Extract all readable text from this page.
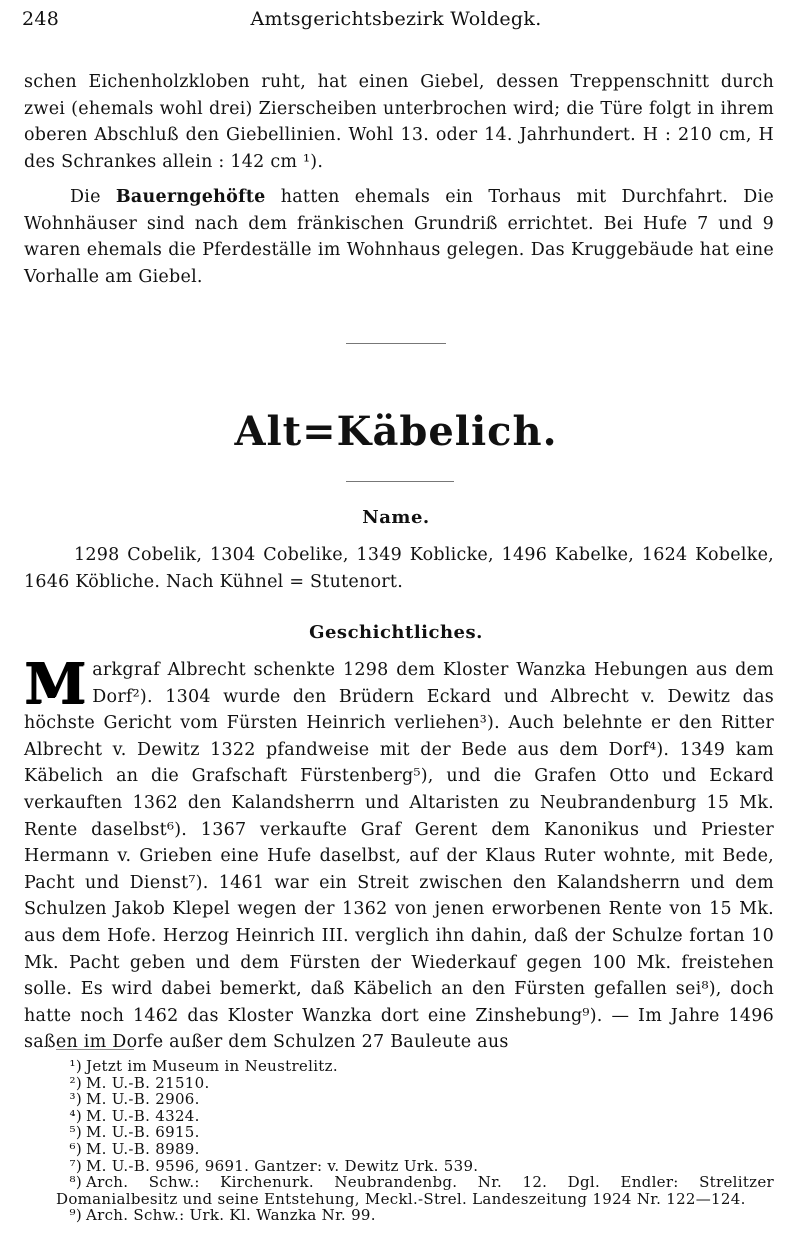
248	Amtsgerichtsbezirk Woldegk.
schen Eichenholzkloben ruht, hat einen Giebel, dessen Treppenschnitt durch zwei (ehemals wohl drei) Zierscheiben unterbrochen wird; die Türe folgt in ihrem oberen Abschluß den Giebellinien. Wohl 13. oder 14. Jahrhundert. H : 210 cm, H des Schrankes allein : 142 cm ¹).
Die Bauerngehöfte hatten ehemals ein Torhaus mit Durchfahrt. Die Wohnhäuser sind nach dem fränkischen Grundriß errichtet. Bei Hufe 7 und 9 waren ehemals die Pferdeställe im Wohnhaus gelegen. Das Kruggebäude hat eine Vorhalle am Giebel.
Alt=Käbelich.
Name.
1298 Cobelik, 1304 Cobelike, 1349 Koblicke, 1496 Kabelke, 1624 Kobelke, 1646 Köbliche. Nach Kühnel = Stutenort.
Geschichtliches.
Markgraf Albrecht schenkte 1298 dem Kloster Wanzka Hebungen aus dem Dorf²). 1304 wurde den Brüdern Eckard und Albrecht v. Dewitz das höchste Gericht vom Fürsten Heinrich verliehen³). Auch belehnte er den Ritter Albrecht v. Dewitz 1322 pfandweise mit der Bede aus dem Dorf⁴). 1349 kam Käbelich an die Grafschaft Fürstenberg⁵), und die Grafen Otto und Eckard verkauften 1362 den Kalandsherrn und Altaristen zu Neubrandenburg 15 Mk. Rente daselbst⁶). 1367 verkaufte Graf Gerent dem Kanonikus und Priester Hermann v. Grieben eine Hufe daselbst, auf der Klaus Ruter wohnte, mit Bede, Pacht und Dienst⁷). 1461 war ein Streit zwischen den Kalandsherrn und dem Schulzen Jakob Klepel wegen der 1362 von jenen erworbenen Rente von 15 Mk. aus dem Hofe. Herzog Heinrich III. verglich ihn dahin, daß der Schulze fortan 10 Mk. Pacht geben und dem Fürsten der Wiederkauf gegen 100 Mk. freistehen solle. Es wird dabei bemerkt, daß Käbelich an den Fürsten gefallen sei⁸), doch hatte noch 1462 das Kloster Wanzka dort eine Zinshebung⁹). — Im Jahre 1496 saßen im Dorfe außer dem Schulzen 27 Bauleute aus
¹) Jetzt im Museum in Neustrelitz.
²) M. U.-B. 21510.
³) M. U.-B. 2906.
⁴) M. U.-B. 4324.
⁵) M. U.-B. 6915.
⁶) M. U.-B. 8989.
⁷) M. U.-B. 9596, 9691. Gantzer: v. Dewitz Urk. 539.
⁸) Arch. Schw.: Kirchenurk. Neubrandenbg. Nr. 12. Dgl. Endler: Strelitzer Domanialbesitz und seine Entstehung, Meckl.-Strel. Landeszeitung 1924 Nr. 122—124.
⁹) Arch. Schw.: Urk. Kl. Wanzka Nr. 99.
